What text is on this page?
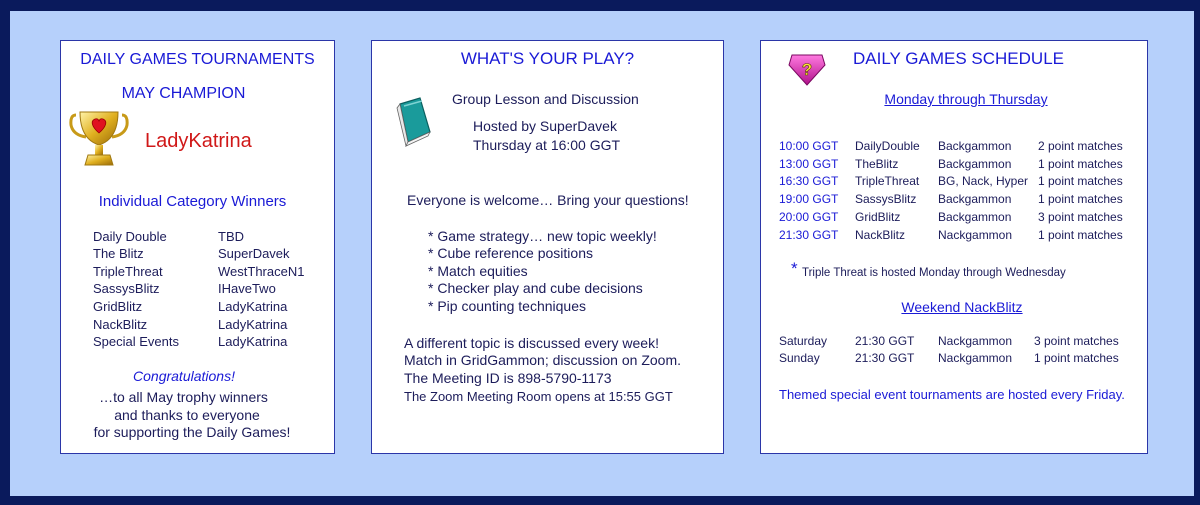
DAILY GAMES TOURNAMENTS
MAY CHAMPION
LadyKatrina
Individual Category Winners
Daily Double	TBD
The Blitz	SuperDavek
TripleThreat	WestThraceN1
SassysBlitz	IHaveTwo
GridBlitz	LadyKatrina
NackBlitz	LadyKatrina
Special Events	LadyKatrina
Congratulations!
…to all May trophy winners
and thanks to everyone
for supporting the Daily Games!
WHAT'S YOUR PLAY?
Group Lesson and Discussion
Hosted by SuperDavek
Thursday at 16:00 GGT
Everyone is welcome… Bring your questions!
* Game strategy… new topic weekly!
* Cube reference positions
* Match equities
* Checker play and cube decisions
* Pip counting techniques
A different topic is discussed every week!
Match in GridGammon; discussion on Zoom.
The Meeting ID is 898-5790-1173
The Zoom Meeting Room opens at 15:55 GGT
?
DAILY GAMES SCHEDULE
Monday through Thursday
10:00 GGT DailyDouble Backgammon 2 point matches
13:00 GGT TheBlitz	Backgammon 1 point matches
16:30 GGT TripleThreat BG, Nack, Hyper 1 point matches
19:00 GGT SassysBlitz Backgammon 1 point matches
20:00 GGT GridBlitz	Backgammon 3 point matches
21:30 GGT NackBlitz	Nackgammon 1 point matches
* Triple Threat is hosted Monday through Wednesday
Weekend NackBlitz
Saturday 21:30 GGT Nackgammon 3 point matches
Sunday	21:30 GGT Nackgammon 1 point matches
Themed special event tournaments are hosted every Friday.
